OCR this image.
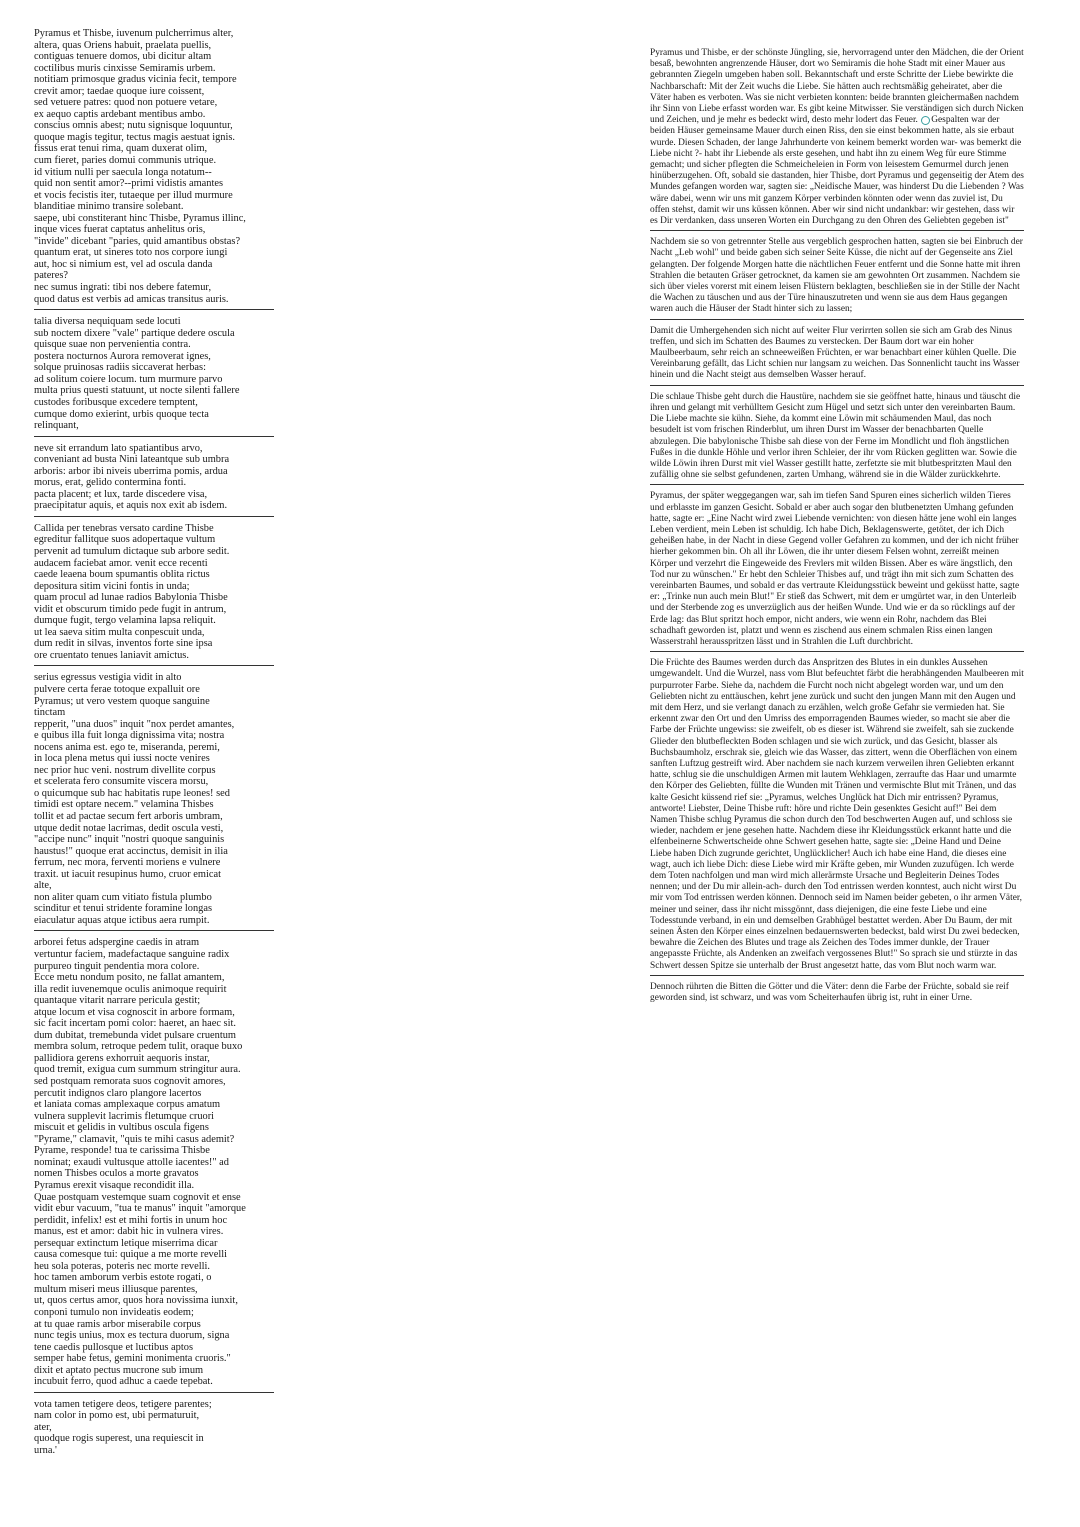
Pyramus et Thisbe, iuvenum pulcherrimus alter,
altera, quas Oriens habuit, praelata puellis,
contiguas tenuere domos, ubi dicitur altam
coctilibus muris cinxisse Semiramis urbem.
notitiam primosque gradus vicinia fecit, tempore
crevit amor; taedae quoque iure coissent,
sed vetuere patres: quod non potuere vetare,
ex aequo captis ardebant mentibus ambo.
conscius omnis abest; nutu signisque loquuntur,
quoque magis tegitur, tectus magis aestuat ignis.
fissus erat tenui rima, quam duxerat olim,
cum fieret, paries domui communis utrique.
id vitium nulli per saecula longa notatum--
quid non sentit amor?--primi vidistis amantes
et vocis fecistis iter, tutaeque per illud murmure
blanditiae minimo transire solebant.
saepe, ubi constiterant hinc Thisbe, Pyramus illinc,
inque vices fuerat captatus anhelitus oris,
"invide" dicebant "paries, quid amantibus obstas?
quantum erat, ut sineres toto nos corpore iungi
aut, hoc si nimium est, vel ad oscula danda
pateres?
nec sumus ingrati: tibi nos debere fatemur,
quod datus est verbis ad amicas transitus auris.

talia diversa nequiquam sede locuti
sub noctem dixere "vale" partique dedere oscula
quisque suae non pervenientia contra.
postera nocturnos Aurora removerat ignes,
solque pruinosas radiis siccaverat herbas:
ad solitum coiere locum. tum murmure parvo
multa prius questi statuunt, ut nocte silenti fallere
custodes foribusque excedere temptent,
cumque domo exierint, urbis quoque tecta
relinquant,

neve sit errandum lato spatiantibus arvo,
conveniant ad busta Nini lateantque sub umbra
arboris: arbor ibi niveis uberrima pomis, ardua
morus, erat, gelido contermina fonti.
pacta placent; et lux, tarde discedere visa,
praecipitatur aquis, et aquis nox exit ab isdem.

Callida per tenebras versato cardine Thisbe
egreditur fallitque suos adopertaque vultum
pervenit ad tumulum dictaque sub arbore sedit.
audacem faciebat amor. venit ecce recenti
caede leaena boum spumantis oblita rictus
depositura sitim vicini fontis in unda;
quam procul ad lunae radios Babylonia Thisbe
vidit et obscurum timido pede fugit in antrum,
dumque fugit, tergo velamina lapsa reliquit.
ut lea saeva sitim multa conpescuit unda,
dum redit in silvas, inventos forte sine ipsa
ore cruentato tenues laniavit amictus.

serius egressus vestigia vidit in alto
pulvere certa ferae totoque expalluit ore
Pyramus; ut vero vestem quoque sanguine
tinctam
repperit, "una duos" inquit "nox perdet amantes,
e quibus illa fuit longa dignissima vita; nostra
nocens anima est. ego te, miseranda, peremi,
in loca plena metus qui iussi nocte venires
nec prior huc veni. nostrum divellite corpus
et scelerata fero consumite viscera morsu,
o quicumque sub hac habitatis rupe leones! sed
timidi est optare necem." velamina Thisbes
tollit et ad pactae secum fert arboris umbram,
utque dedit notae lacrimas, dedit oscula vesti,
"accipe nunc" inquit "nostri quoque sanguinis
haustus!" quoque erat accinctus, demisit in ilia
ferrum, nec mora, ferventi moriens e vulnere
traxit. ut iacuit resupinus humo, cruor emicat
alte,
non aliter quam cum vitiato fistula plumbo
scinditur et tenui stridente foramine longas
eiaculatur aquas atque ictibus aera rumpit.

arborei fetus adspergine caedis in atram
vertuntur faciem, madefactaque sanguine radix
purpureo tinguit pendentia mora colore.
Ecce metu nondum posito, ne fallat amantem,
illa redit iuvenemque oculis animoque requirit
quantaque vitarit narrare pericula gestit;
atque locum et visa cognoscit in arbore formam,
sic facit incertam pomi color: haeret, an haec sit.
dum dubitat, tremebunda videt pulsare cruentum
membra solum, retroque pedem tulit, oraque buxo
pallidiora gerens exhorruit aequoris instar,
quod tremit, exigua cum summum stringitur aura.
sed postquam remorata suos cognovit amores,
percutit indignos claro plangore lacertos
et laniata comas amplexaque corpus amatum
vulnera supplevit lacrimis fletumque cruori
miscuit et gelidis in vultibus oscula figens
"Pyrame," clamavit, "quis te mihi casus ademit?
Pyrame, responde! tua te carissima Thisbe
nominat; exaudi vultusque attolle iacentes!" ad
nomen Thisbes oculos a morte gravatos
Pyramus erexit visaque recondidit illa.
Quae postquam vestemque suam cognovit et ense
vidit ebur vacuum, "tua te manus" inquit "amorque
perdidit, infelix! est et mihi fortis in unum hoc
manus, est et amor: dabit hic in vulnera vires.
persequar extinctum letique miserrima dicar
causa comesque tui: quique a me morte revelli
heu sola poteras, poteris nec morte revelli.
hoc tamen amborum verbis estote rogati, o
multum miseri meus illiusque parentes,
ut, quos certus amor, quos hora novissima iunxit,
conponi tumulo non invideatis eodem;
at tu quae ramis arbor miserabile corpus
nunc tegis unius, mox es tectura duorum, signa
tene caedis pullosque et luctibus aptos
semper habe fetus, gemini monimenta cruoris."
dixit et aptato pectus mucrone sub imum
incubuit ferro, quod adhuc a caede tepebat.

vota tamen tetigere deos, tetigere parentes;
nam color in pomo est, ubi permaturuit,
ater,
quodque rogis superest, una requiescit in
urna.'

Pyramus und Thisbe, er der schönste Jüngling, sie, hervorragend unter den Mädchen, die der Orient besaß, bewohnten angrenzende Häuser, dort wo Semiramis die hohe Stadt mit einer Mauer aus gebrannten Ziegeln umgeben haben soll. Bekanntschaft und erste Schritte der Liebe bewirkte die Nachbarschaft: Mit der Zeit wuchs die Liebe. Sie hätten auch rechtsmäßig geheiratet, aber die Väter haben es verboten. Was sie nicht verbieten konnten: beide brannten gleichermaßen nachdem ihr Sinn von Liebe erfasst worden war. Es gibt keine Mitwisser. Sie verständigen sich durch Nicken und Zeichen, und je mehr es bedeckt wird, desto mehr lodert das Feuer. Gespalten war der beiden Häuser gemeinsame Mauer durch einen Riss, den sie einst bekommen hatte, als sie erbaut wurde. Diesen Schaden, der lange Jahrhunderte von keinem bemerkt worden war- was bemerkt die Liebe nicht ?- habt ihr Liebende als erste gesehen, und habt ihn zu einem Weg für eure Stimme gemacht; und sicher pflegten die Schmeicheleien in Form von leisestem Gemurmel durch jenen hinüberzugehen. Oft, sobald sie dastanden, hier Thisbe, dort Pyramus und gegenseitig der Atem des Mundes gefangen worden war, sagten sie: „Neidische Mauer, was hinderst Du die Liebenden ? Was wäre dabei, wenn wir uns mit ganzem Körper verbinden könnten oder wenn das zuviel ist, Du offen stehst, damit wir uns küssen können. Aber wir sind nicht undankbar: wir gestehen, dass wir es Dir verdanken, dass unseren Worten ein Durchgang zu den Ohren des Geliebten gegeben ist"

Nachdem sie so von getrennter Stelle aus vergeblich gesprochen hatten, sagten sie bei Einbruch der Nacht „Leb wohl" und beide gaben sich seiner Seite Küsse, die nicht auf der Gegenseite ans Ziel gelangten. Der folgende Morgen hatte die nächtlichen Feuer entfernt und die Sonne hatte mit ihren Strahlen die betauten Gräser getrocknet, da kamen sie am gewohnten Ort zusammen. Nachdem sie sich über vieles vorerst mit einem leisen Flüstern beklagten, beschließen sie in der Stille der Nacht die Wachen zu täuschen und aus der Türe hinauszutreten und wenn sie aus dem Haus gegangen waren auch die Häuser der Stadt hinter sich zu lassen;

Damit die Umhergehenden sich nicht auf weiter Flur verirrten sollen sie sich am Grab des Ninus treffen, und sich im Schatten des Baumes zu verstecken. Der Baum dort war ein hoher Maulbeerbaum, sehr reich an schneeweißen Früchten, er war benachbart einer kühlen Quelle. Die Vereinbarung gefällt, das Licht schien nur langsam zu weichen. Das Sonnenlicht taucht ins Wasser hinein und die Nacht steigt aus demselben Wasser herauf.

Die schlaue Thisbe geht durch die Haustüre, nachdem sie sie geöffnet hatte, hinaus und täuscht die ihren und gelangt mit verhülltem Gesicht zum Hügel und setzt sich unter den vereinbarten Baum. Die Liebe machte sie kühn. Siehe, da kommt eine Löwin mit schäumenden Maul, das noch besudelt ist vom frischen Rinderblut, um ihren Durst im Wasser der benachbarten Quelle abzulegen. Die babylonische Thisbe sah diese von der Ferne im Mondlicht und floh ängstlichen Fußes in die dunkle Höhle und verlor ihren Schleier, der ihr vom Rücken geglitten war. Sowie die wilde Löwin ihren Durst mit viel Wasser gestillt hatte, zerfetzte sie mit blutbespritzten Maul den zufällig ohne sie selbst gefundenen, zarten Umhang, während sie in die Wälder zurückkehrte.

Pyramus, der später weggegangen war, sah im tiefen Sand Spuren eines sicherlich wilden Tieres und erblasste im ganzen Gesicht. Sobald er aber auch sogar den blutbenetzten Umhang gefunden hatte, sagte er: „Eine Nacht wird zwei Liebende vernichten: von diesen hätte jene wohl ein langes Leben verdient, mein Leben ist schuldig. Ich habe Dich, Beklagenswerte, getötet, der ich Dich geheißen habe, in der Nacht in diese Gegend voller Gefahren zu kommen, und der ich nicht früher hierher gekommen bin. Oh all ihr Löwen, die ihr unter diesem Felsen wohnt, zerreißt meinen Körper und verzehrt die Eingeweide des Frevlers mit wilden Bissen. Aber es wäre ängstlich, den Tod nur zu wünschen." Er hebt den Schleier Thisbes auf, und trägt ihn mit sich zum Schatten des vereinbarten Baumes, und sobald er das vertraute Kleidungsstück beweint und geküsst hatte, sagte er: „Trinke nun auch mein Blut!" Er stieß das Schwert, mit dem er umgürtet war, in den Unterleib und der Sterbende zog es unverzüglich aus der heißen Wunde. Und wie er da so rücklings auf der Erde lag: das Blut spritzt hoch empor, nicht anders, wie wenn ein Rohr, nachdem das Blei schadhaft geworden ist, platzt und wenn es zischend aus einem schmalen Riss einen langen Wasserstrahl herausspritzen lässt und in Strahlen die Luft durchbricht.

Die Früchte des Baumes werden durch das Anspritzen des Blutes in ein dunkles Aussehen umgewandelt. Und die Wurzel, nass vom Blut befeuchtet färbt die herabhängenden Maulbeeren mit purpurroter Farbe. Siehe da, nachdem die Furcht noch nicht abgelegt worden war, und um den Geliebten nicht zu enttäuschen, kehrt jene zurück und sucht den jungen Mann mit den Augen und mit dem Herz, und sie verlangt danach zu erzählen, welch große Gefahr sie vermieden hat. Sie erkennt zwar den Ort und den Umriss des emporragenden Baumes wieder, so macht sie aber die Farbe der Früchte ungewiss: sie zweifelt, ob es dieser ist. Während sie zweifelt, sah sie zuckende Glieder den blutbefleckten Boden schlagen und sie wich zurück, und das Gesicht, blasser als Buchsbaumholz, erschrak sie, gleich wie das Wasser, das zittert, wenn die Oberflächen von einem sanften Luftzug gestreift wird. Aber nachdem sie nach kurzem verweilen ihren Geliebten erkannt hatte, schlug sie die unschuldigen Armen mit lautem Wehklagen, zerraufte das Haar und umarmte den Körper des Geliebten, füllte die Wunden mit Tränen und vermischte Blut mit Tränen, und das kalte Gesicht küssend rief sie: „Pyramus, welches Unglück hat Dich mir entrissen? Pyramus, antworte! Liebster, Deine Thisbe ruft: höre und richte Dein gesenktes Gesicht auf!" Bei dem Namen Thisbe schlug Pyramus die schon durch den Tod beschwerten Augen auf, und schloss sie wieder, nachdem er jene gesehen hatte. Nachdem diese ihr Kleidungsstück erkannt hatte und die elfenbeinerne Schwertscheide ohne Schwert gesehen hatte, sagte sie: „Deine Hand und Deine Liebe haben Dich zugrunde gerichtet, Unglücklicher! Auch ich habe eine Hand, die dieses eine wagt, auch ich liebe Dich: diese Liebe wird mir Kräfte geben, mir Wunden zuzufügen. Ich werde dem Toten nachfolgen und man wird mich allerärmste Ursache und Begleiterin Deines Todes nennen; und der Du mir allein-ach- durch den Tod entrissen werden konntest, auch nicht wirst Du mir vom Tod entrissen werden können. Dennoch seid im Namen beider gebeten, o ihr armen Väter, meiner und seiner, dass ihr nicht missgönnt, dass diejenigen, die eine feste Liebe und eine Todesstunde verband, in ein und demselben Grabhügel bestattet werden. Aber Du Baum, der mit seinen Ästen den Körper eines einzelnen bedauernswerten bedeckst, bald wirst Du zwei bedecken, bewahre die Zeichen des Blutes und trage als Zeichen des Todes immer dunkle, der Trauer angepasste Früchte, als Andenken an zweifach vergossenes Blut!" So sprach sie und stürzte in das Schwert dessen Spitze sie unterhalb der Brust angesetzt hatte, das vom Blut noch warm war.

Dennoch rührten die Bitten die Götter und die Väter: denn die Farbe der Früchte, sobald sie reif geworden sind, ist schwarz, und was vom Scheiterhaufen übrig ist, ruht in einer Urne.
